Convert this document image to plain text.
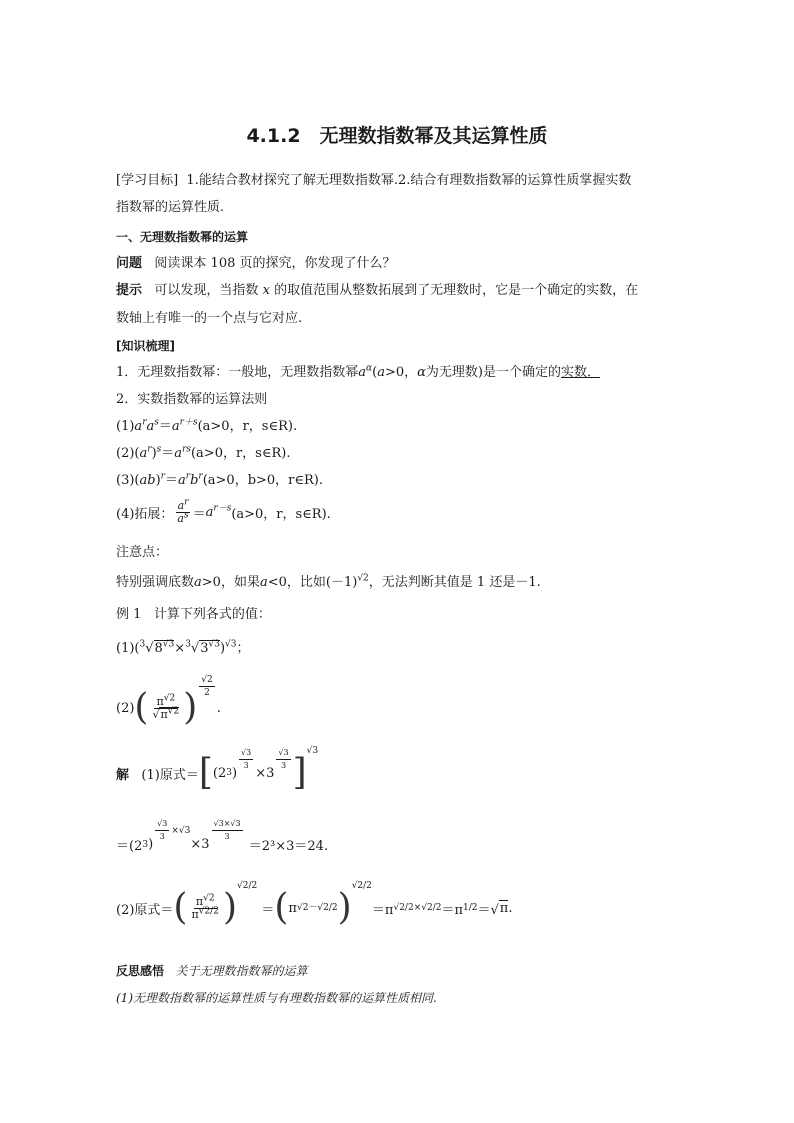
4.1.2　无理数指数幂及其运算性质
[学习目标] 1.能结合教材探究了解无理数指数幂.2.结合有理数指数幂的运算性质掌握实数
指数幂的运算性质.
一、无理数指数幂的运算
问题 阅读课本 108 页的探究，你发现了什么？
提示 可以发现，当指数 x 的取值范围从整数拓展到了无理数时，它是一个确定的实数，在
数轴上有唯一的一个点与它对应.
[知识梳理]
1．无理数指数幂：一般地，无理数指数幂$a^\alpha(a>0$，α为无理数)是一个确定的实数．
2．实数指数幂的运算法则
$(1)a^ra^s=a^{r+s}(a>0$，r，s∈R).
$(2)(a^r)^s=a^{rs}(a>0$，r，s∈R).
$(3)(ab)^r=a^rb^r(a>0$，b>0，r∈R).
(4)拓展： $\frac{a^r}{a^s} = a^{r-s}$ (a>0，r，s∈R).
注意点：
特别强调底数a>0，如果a<0，比如$(-1)^{√2}$，无法判断其值是 1 还是－1.
例 1 计算下列各式的值：
$(1)(^3√8^{√3}\times^3√3^{√3})^{√3}$；
(2) ( $\frac{\pi^{√2}}{√\pi^{√2}}$ )
$\frac{√2}{2}$
.
解
(1)原式＝ [ (2 3 )
$\frac{√3}{3}$
×3
$\frac{√3}{3}$ ]
√3
＝(2 3 )
$\frac{√3}{3} \times√3$
×3
$\frac{√3\times√3}{3}$

＝2³×3＝24.
(2)原式＝ ( $\frac{\pi^{√2}}{\pi^{√2/2}}$ )
√2/2
＝ ( π √2－√2/2 )
√2/2
＝π √2/2×√2/2 ＝π 1/2 ＝√ π .
反思感悟 关于无理数指数幂的运算
(1)无理数指数幂的运算性质与有理数指数幂的运算性质相同.
